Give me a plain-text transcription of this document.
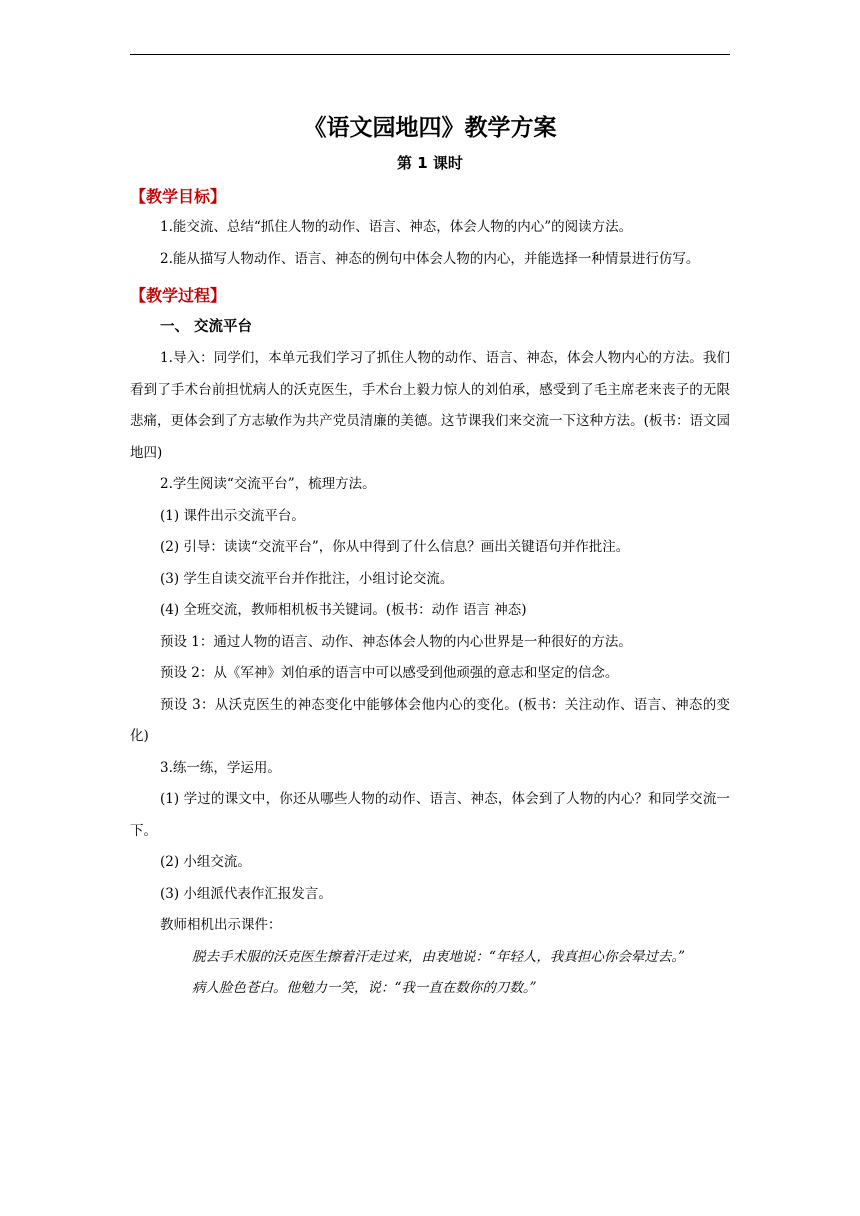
《语文园地四》教学方案
第 1 课时
【教学目标】

1.能交流、总结“抓住人物的动作、语言、神态，体会人物的内心”的阅读方法。

2.能从描写人物动作、语言、神态的例句中体会人物的内心，并能选择一种情景进行仿写。

【教学过程】
一、 交流平台

1.导入：同学们，本单元我们学习了抓住人物的动作、语言、神态，体会人物内心的方法。我们看到了手术台前担忧病人的沃克医生，手术台上毅力惊人的刘伯承，感受到了毛主席老来丧子的无限悲痛，更体会到了方志敏作为共产党员清廉的美德。这节课我们来交流一下这种方法。(板书：语文园地四)

2.学生阅读“交流平台”，梳理方法。

(1) 课件出示交流平台。

(2) 引导：读读“交流平台”，你从中得到了什么信息？画出关键语句并作批注。

(3) 学生自读交流平台并作批注，小组讨论交流。

(4) 全班交流，教师相机板书关键词。(板书：动作 语言 神态)

预设 1：通过人物的语言、动作、神态体会人物的内心世界是一种很好的方法。

预设 2：从《军神》刘伯承的语言中可以感受到他顽强的意志和坚定的信念。

预设 3：从沃克医生的神态变化中能够体会他内心的变化。(板书：关注动作、语言、神态的变化)

3.练一练，学运用。

(1) 学过的课文中，你还从哪些人物的动作、语言、神态，体会到了人物的内心？和同学交流一下。

(2) 小组交流。

(3) 小组派代表作汇报发言。

教师相机出示课件：

脱去手术服的沃克医生擦着汗走过来，由衷地说：“年轻人，我真担心你会晕过去。”

病人脸色苍白。他勉力一笑，说：“我一直在数你的刀数。”
